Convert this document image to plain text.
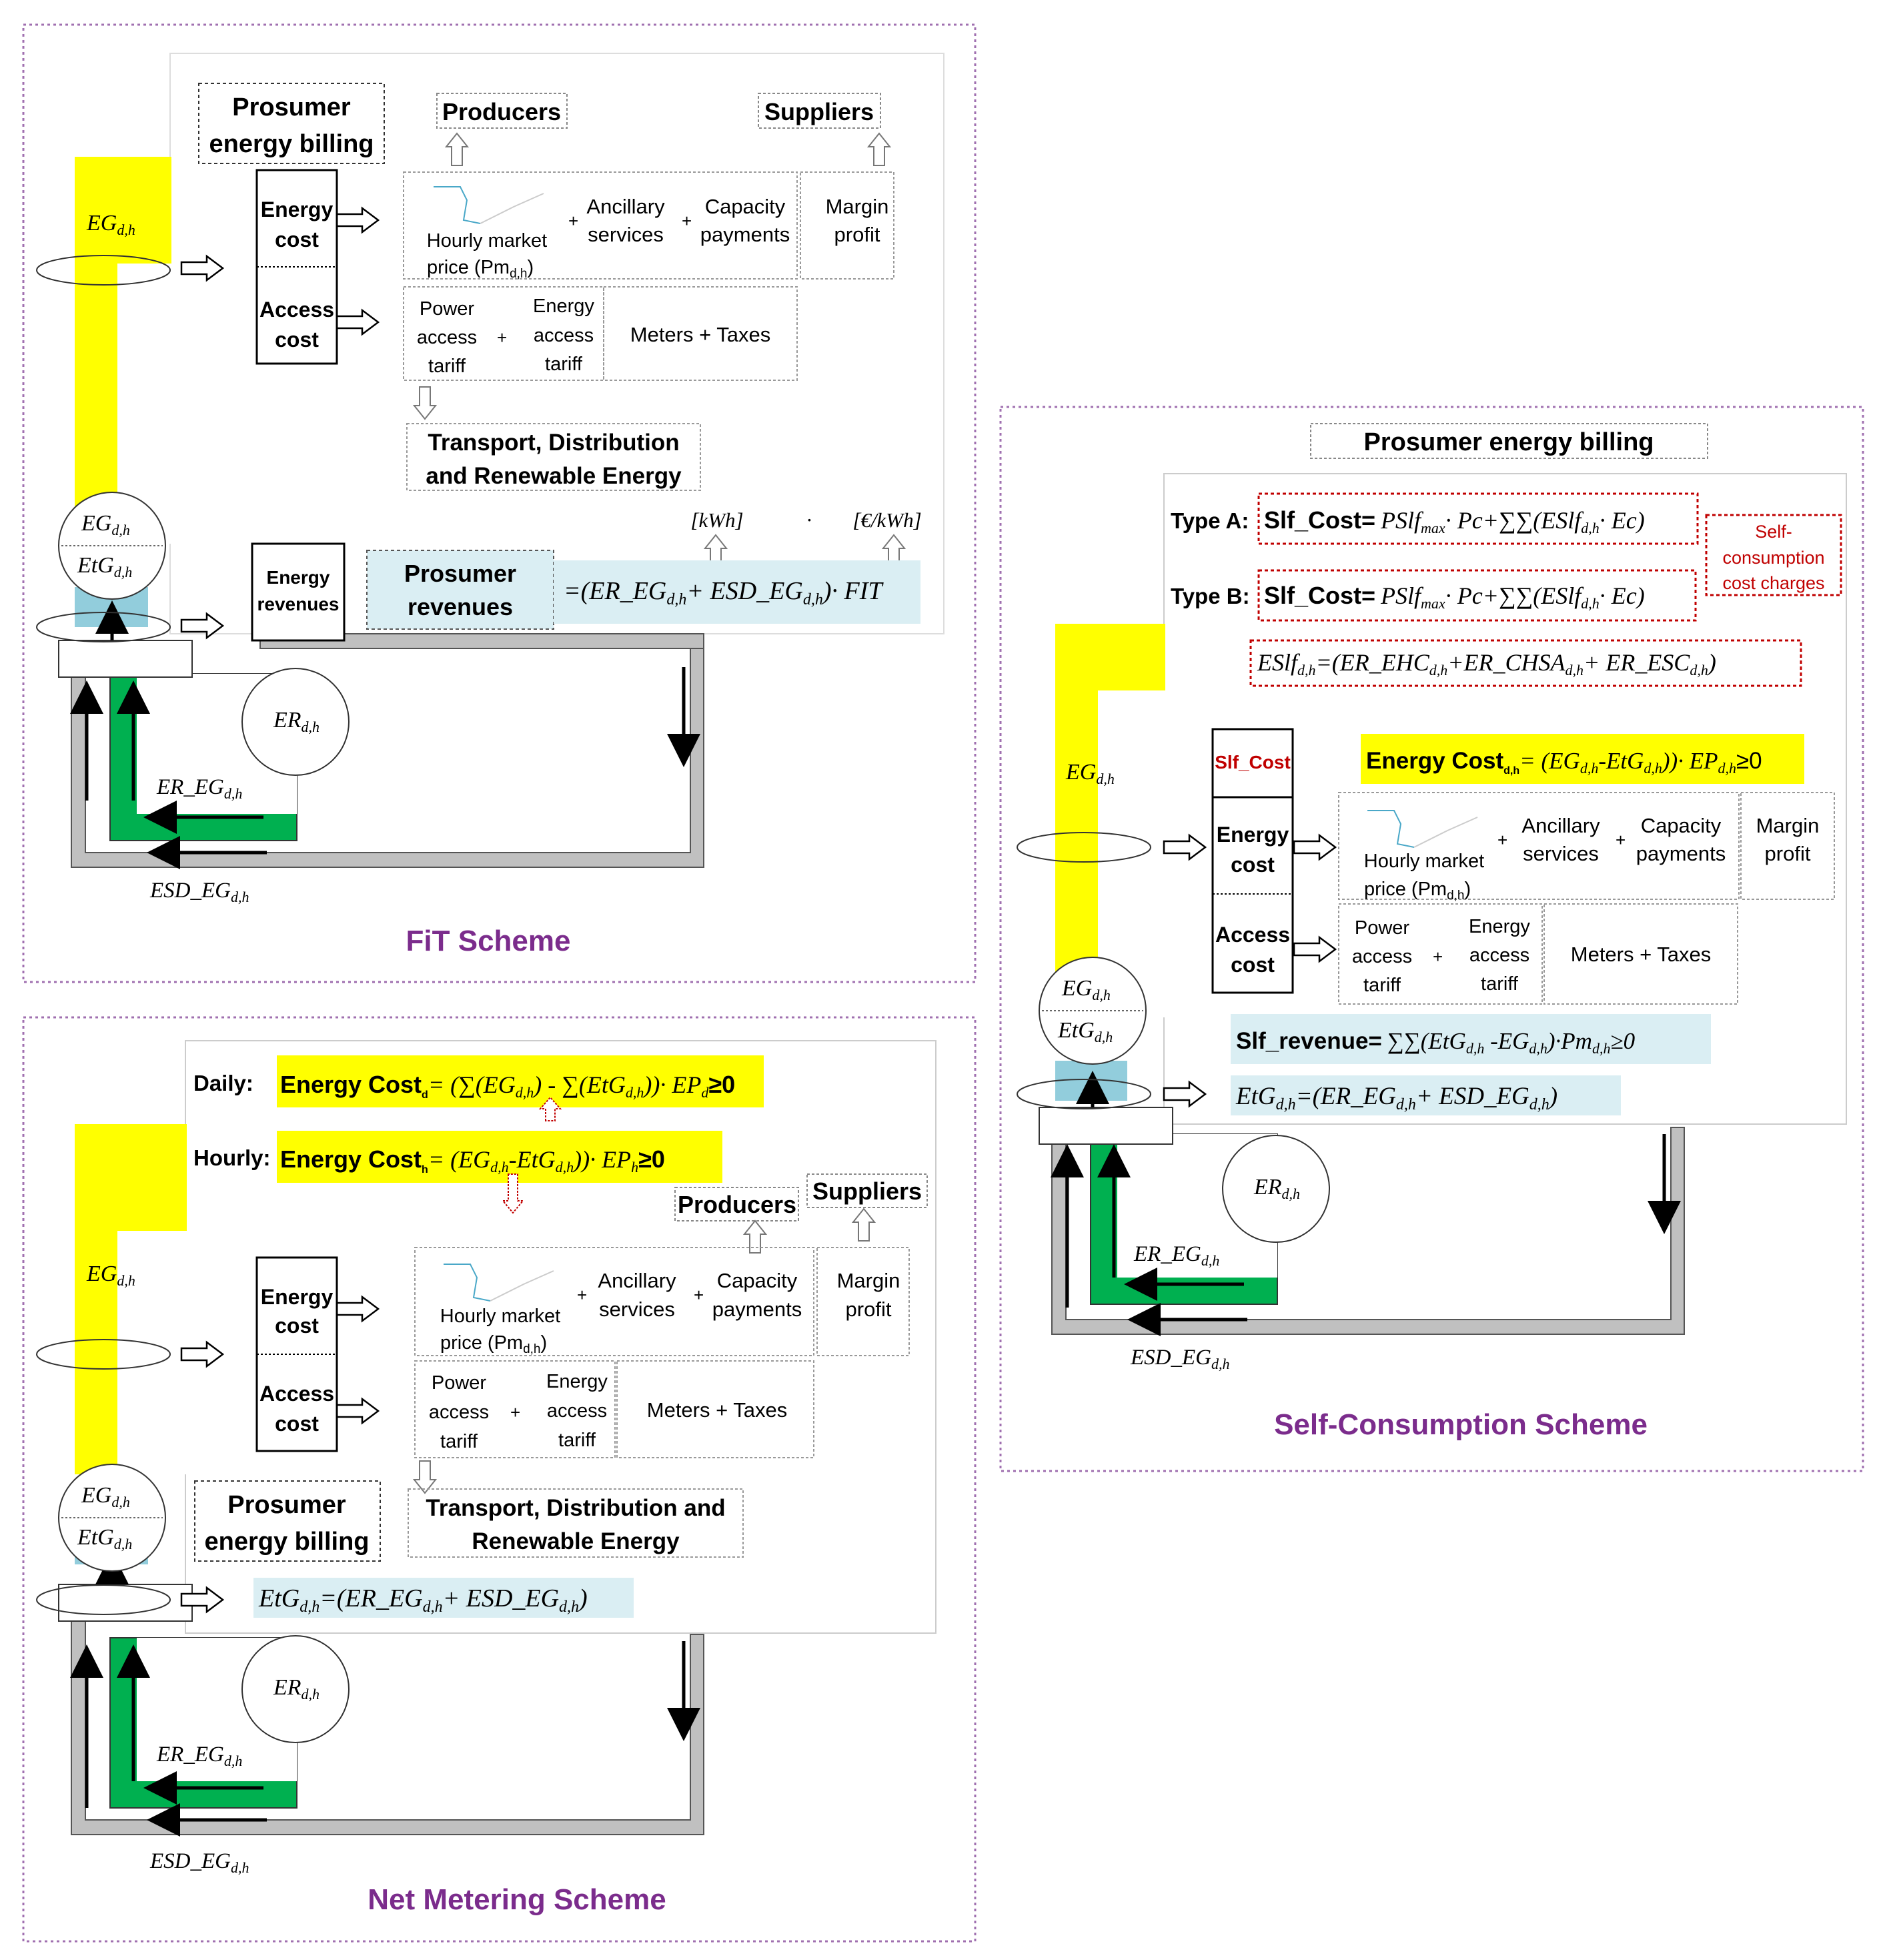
Prosumer
energy billing
Producers	Suppliers
Energy
cost
Access
cost
Hourly market
price $(Pm_{d,h})$
+
Ancillary
services
+
Capacity
payments
Margin
profit
Power
access
tariff
+
Energy
access
tariff
Meters + Taxes
Transport, Distribution
and Renewable Energy
[kWh]	· [€/kWh]
Energy
revenues
Prosumer
revenues
$=(ER\_EG_{d,h}+$ $ESD\_EG_{d,h})\cdot$ FIT
$EG_{d,h}$
$EG_{d,h}$
EtG$_{d,h}$
$ER_{d,h}$
$ER\_EG_{d,h}$
$ESD\_EG_{d,h}$
FiT Scheme
Daily:
Hourly:
Energy Cost$_d$= (∑(EGd,h) - ∑(EtGd,h))· EPd≥0
Energy Cost$_h$= (EGd,h-EtGd,h))· EPh≥0
Producers Suppliers
Energy
cost
Access
cost
Hourly market
price $(Pm_{d,h})$
+
Ancillary
services
+
Capacity
payments
Margin
profit
Power
access
tariff
+
Energy
access
tariff
Meters + Taxes
Prosumer
energy billing
Transport, Distribution and
Renewable Energy
$EtG_{d,h}=(ER\_EG_{d,h}+$ $ESD\_EG_{d,h}$)
$EG_{d,h}$
$EG_{d,h}$
EtG$_{d,h}$
$ER_{d,h}$
$ER\_EG_{d,h}$
$ESD\_EG_{d,h}$
Net Metering Scheme
Prosumer energy billing
Type A:
Type B:
Slf_Cost= PSlfmax· Pc+∑∑(ESlfd,h· Ec)
Slf_Cost= PSlfmax· Pc+∑∑(ESlfd,h· Ec)
Self-
consumption
cost charges
ESlfd,h=(ER_EHCd,h+ER_CHSAd,h+ ER_ESCd,h)
Energy Cost$_{d,h}$= $(EG_{d,h}-EtG_{d,h}))\cdot EP_{d,h}\ge 0$
Slf_Cost
Energy
cost
Access
cost
Hourly market
price $(Pm_{d,h})$
+
Ancillary
services
+
Capacity
payments
Margin
profit
Power
access
tariff
+
Energy
access
tariff
Meters + Taxes
Slf_revenue= ∑∑(EtG$_{d,h}$ $-EG_{d,h})\cdot Pm_{d,h}\ge 0$
$EtG_{d,h}=(ER\_EG_{d,h}+$ $ESD\_EG_{d,h}$)
$EG_{d,h}$
$EG_{d,h}$
EtG$_{d,h}$
$ER_{d,h}$
$ER\_EG_{d,h}$
$ESD\_EG_{d,h}$
Self-Consumption Scheme
